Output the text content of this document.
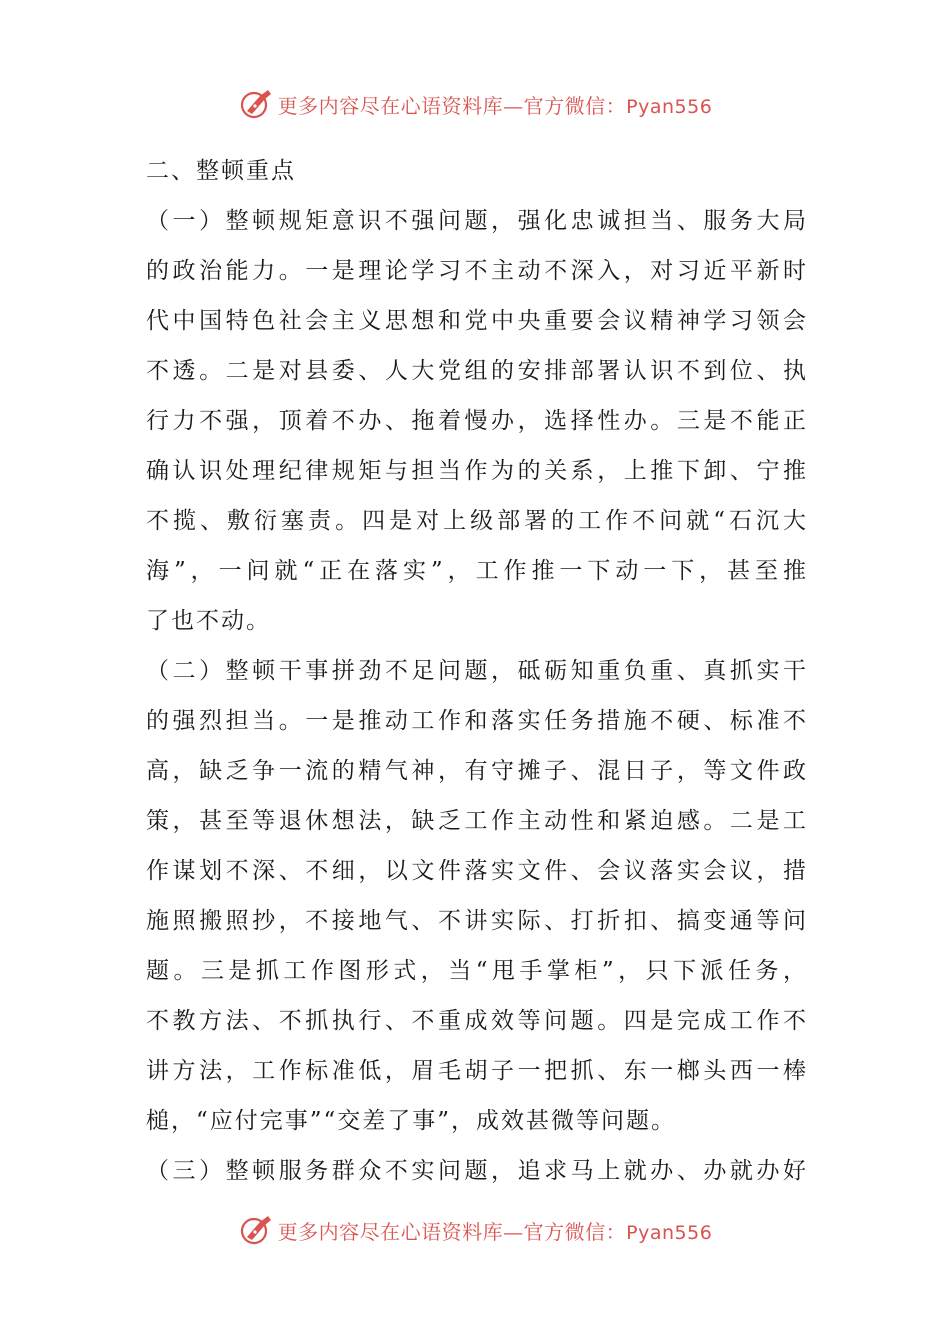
更多内容尽在心语资料库—官方微信：Pyan556
二、整顿重点
（一）整顿规矩意识不强问题，强化忠诚担当、服务大局
的政治能力。一是理论学习不主动不深入，对习近平新时
代中国特色社会主义思想和党中央重要会议精神学习领会
不透。二是对县委、人大党组的安排部署认识不到位、执
行力不强，顶着不办、拖着慢办，选择性办。三是不能正
确认识处理纪律规矩与担当作为的关系，上推下卸、宁推
不揽、敷衍塞责。四是对上级部署的工作不问就“石沉大
海”，一问就“正在落实”，工作推一下动一下，甚至推
了也不动。
（二）整顿干事拼劲不足问题，砥砺知重负重、真抓实干
的强烈担当。一是推动工作和落实任务措施不硬、标准不
高，缺乏争一流的精气神，有守摊子、混日子，等文件政
策，甚至等退休想法，缺乏工作主动性和紧迫感。二是工
作谋划不深、不细，以文件落实文件、会议落实会议，措
施照搬照抄，不接地气、不讲实际、打折扣、搞变通等问
题。三是抓工作图形式，当“甩手掌柜”，只下派任务，
不教方法、不抓执行、不重成效等问题。四是完成工作不
讲方法，工作标准低，眉毛胡子一把抓、东一榔头西一棒
槌，“应付完事”“交差了事”，成效甚微等问题。
（三）整顿服务群众不实问题，追求马上就办、办就办好
更多内容尽在心语资料库—官方微信：Pyan556
